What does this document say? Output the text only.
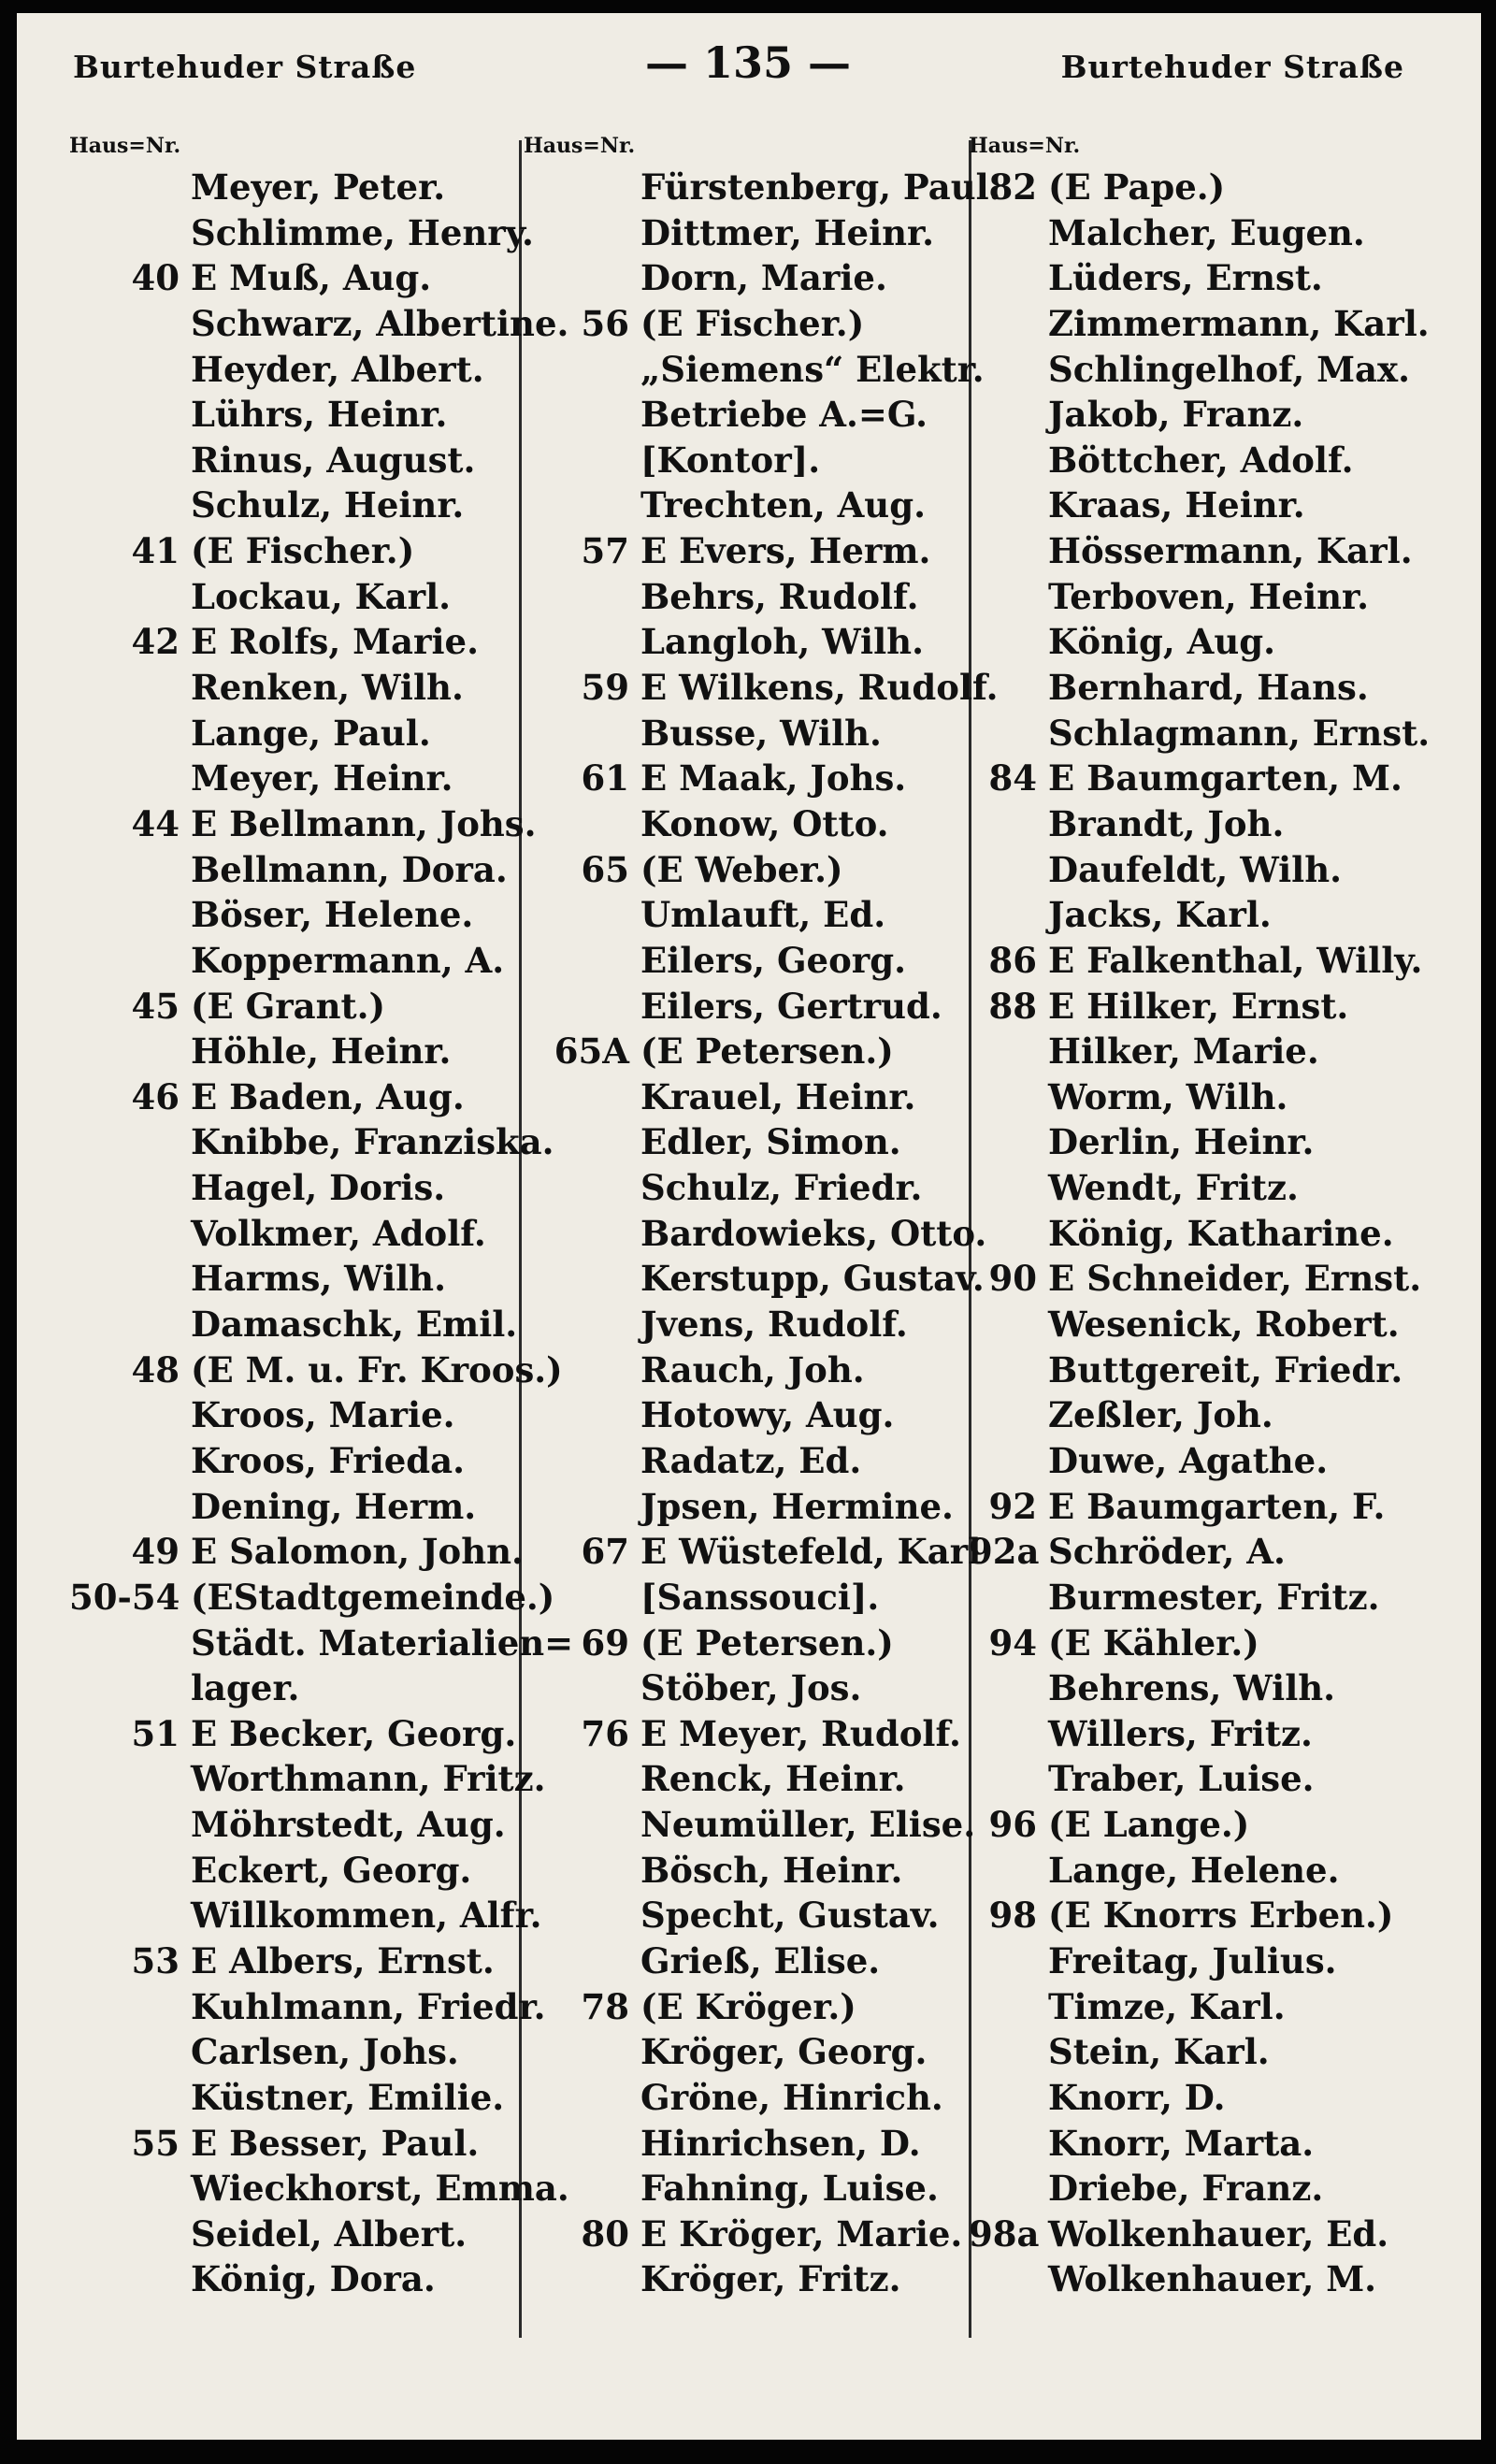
Burtehuder Straße	— 135 —	Burtehuder Straße
Haus=Nr.
Meyer, Peter.
Schlimme, Henry.
40 E Muß, Aug.
Schwarz, Albertine.
Heyder, Albert.
Lührs, Heinr.
Rinus, August.
Schulz, Heinr.
41 (E Fischer.)
Lockau, Karl.
42 E Rolfs, Marie.
Renken, Wilh.
Lange, Paul.
Meyer, Heinr.
44 E Bellmann, Johs.
Bellmann, Dora.
Böser, Helene.
Koppermann, A.
45 (E Grant.)
Höhle, Heinr.
46 E Baden, Aug.
Knibbe, Franziska.
Hagel, Doris.
Volkmer, Adolf.
Harms, Wilh.
Damaschk, Emil.
48 (E M. u. Fr. Kroos.)
Kroos, Marie.
Kroos, Frieda.
Dening, Herm.
49 E Salomon, John.
50-54 (EStadtgemeinde.)
Städt. Materialien=
lager.
51 E Becker, Georg.
Worthmann, Fritz.
Möhrstedt, Aug.
Eckert, Georg.
Willkommen, Alfr.
53 E Albers, Ernst.
Kuhlmann, Friedr.
Carlsen, Johs.
Küstner, Emilie.
55 E Besser, Paul.
Wieckhorst, Emma.
Seidel, Albert.
König, Dora.
Haus=Nr.
Fürstenberg, Paul.
Dittmer, Heinr.
Dorn, Marie.
56 (E Fischer.)
„Siemens“ Elektr.
Betriebe A.=G.
[Kontor].
Trechten, Aug.
57 E Evers, Herm.
Behrs, Rudolf.
Langloh, Wilh.
59 E Wilkens, Rudolf.
Busse, Wilh.
61 E Maak, Johs.
Konow, Otto.
65 (E Weber.)
Umlauft, Ed.
Eilers, Georg.
Eilers, Gertrud.
65A (E Petersen.)
Krauel, Heinr.
Edler, Simon.
Schulz, Friedr.
Bardowieks, Otto.
Kerstupp, Gustav.
Jvens, Rudolf.
Rauch, Joh.
Hotowy, Aug.
Radatz, Ed.
Jpsen, Hermine.
67 E Wüstefeld, Karl
[Sanssouci].
69 (E Petersen.)
Stöber, Jos.
76 E Meyer, Rudolf.
Renck, Heinr.
Neumüller, Elise.
Bösch, Heinr.
Specht, Gustav.
Grieß, Elise.
78 (E Kröger.)
Kröger, Georg.
Gröne, Hinrich.
Hinrichsen, D.
Fahning, Luise.
80 E Kröger, Marie.
Kröger, Fritz.
Haus=Nr.
82 (E Pape.)
Malcher, Eugen.
Lüders, Ernst.
Zimmermann, Karl.
Schlingelhof, Max.
Jakob, Franz.
Böttcher, Adolf.
Kraas, Heinr.
Hössermann, Karl.
Terboven, Heinr.
König, Aug.
Bernhard, Hans.
Schlagmann, Ernst.
84 E Baumgarten, M.
Brandt, Joh.
Daufeldt, Wilh.
Jacks, Karl.
86 E Falkenthal, Willy.
88 E Hilker, Ernst.
Hilker, Marie.
Worm, Wilh.
Derlin, Heinr.
Wendt, Fritz.
König, Katharine.
90 E Schneider, Ernst.
Wesenick, Robert.
Buttgereit, Friedr.
Zeßler, Joh.
Duwe, Agathe.
92 E Baumgarten, F.
92a Schröder, A.
Burmester, Fritz.
94 (E Kähler.)
Behrens, Wilh.
Willers, Fritz.
Traber, Luise.
96 (E Lange.)
Lange, Helene.
98 (E Knorrs Erben.)
Freitag, Julius.
Timze, Karl.
Stein, Karl.
Knorr, D.
Knorr, Marta.
Driebe, Franz.
98a Wolkenhauer, Ed.
Wolkenhauer, M.
